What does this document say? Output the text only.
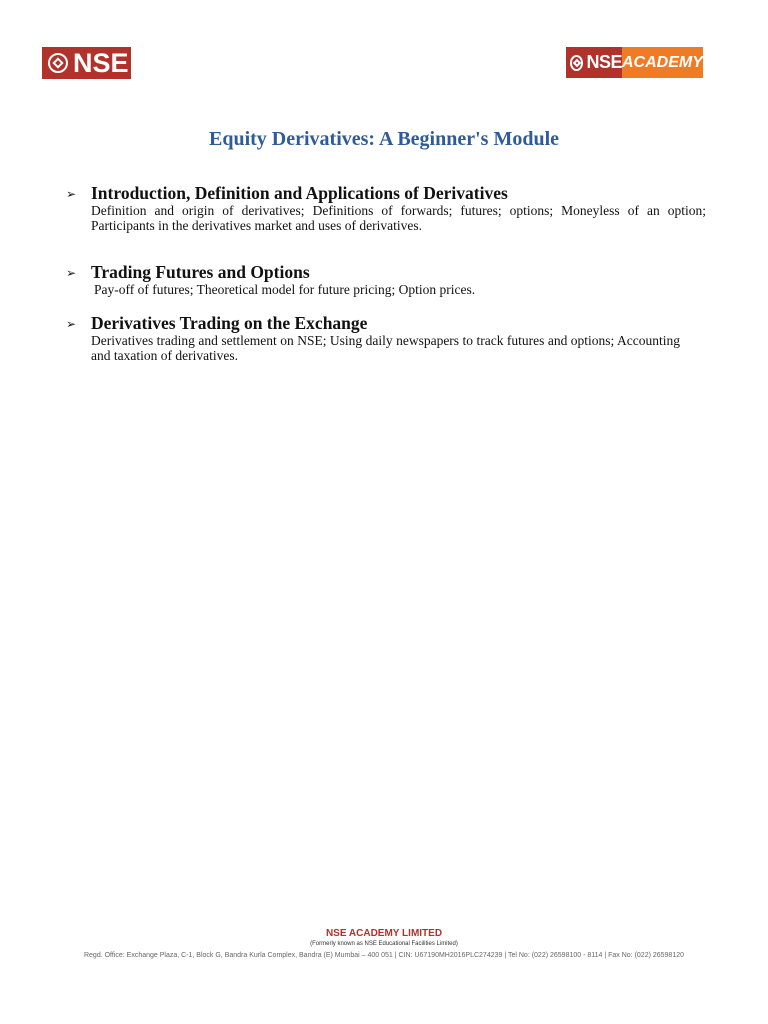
NSE	NSE ACADEMY
Equity Derivatives: A Beginner's Module
➢ Introduction, Definition and Applications of Derivatives
Definition and origin of derivatives; Definitions of forwards; futures; options; Moneyless of an option; Participants in the derivatives market and uses of derivatives.
➢ Trading Futures and Options
Pay-off of futures; Theoretical model for future pricing; Option prices.
➢ Derivatives Trading on the Exchange
Derivatives trading and settlement on NSE; Using daily newspapers to track futures and options; Accounting and taxation of derivatives.
NSE ACADEMY LIMITED
(Formerly known as NSE Educational Facilities Limited)
Regd. Office: Exchange Plaza, C-1, Block G, Bandra Kurla Complex, Bandra (E) Mumbai – 400 051 | CIN: U67190MH2016PLC274239 | Tel No: (022) 26598100 - 8114 | Fax No: (022) 26598120
